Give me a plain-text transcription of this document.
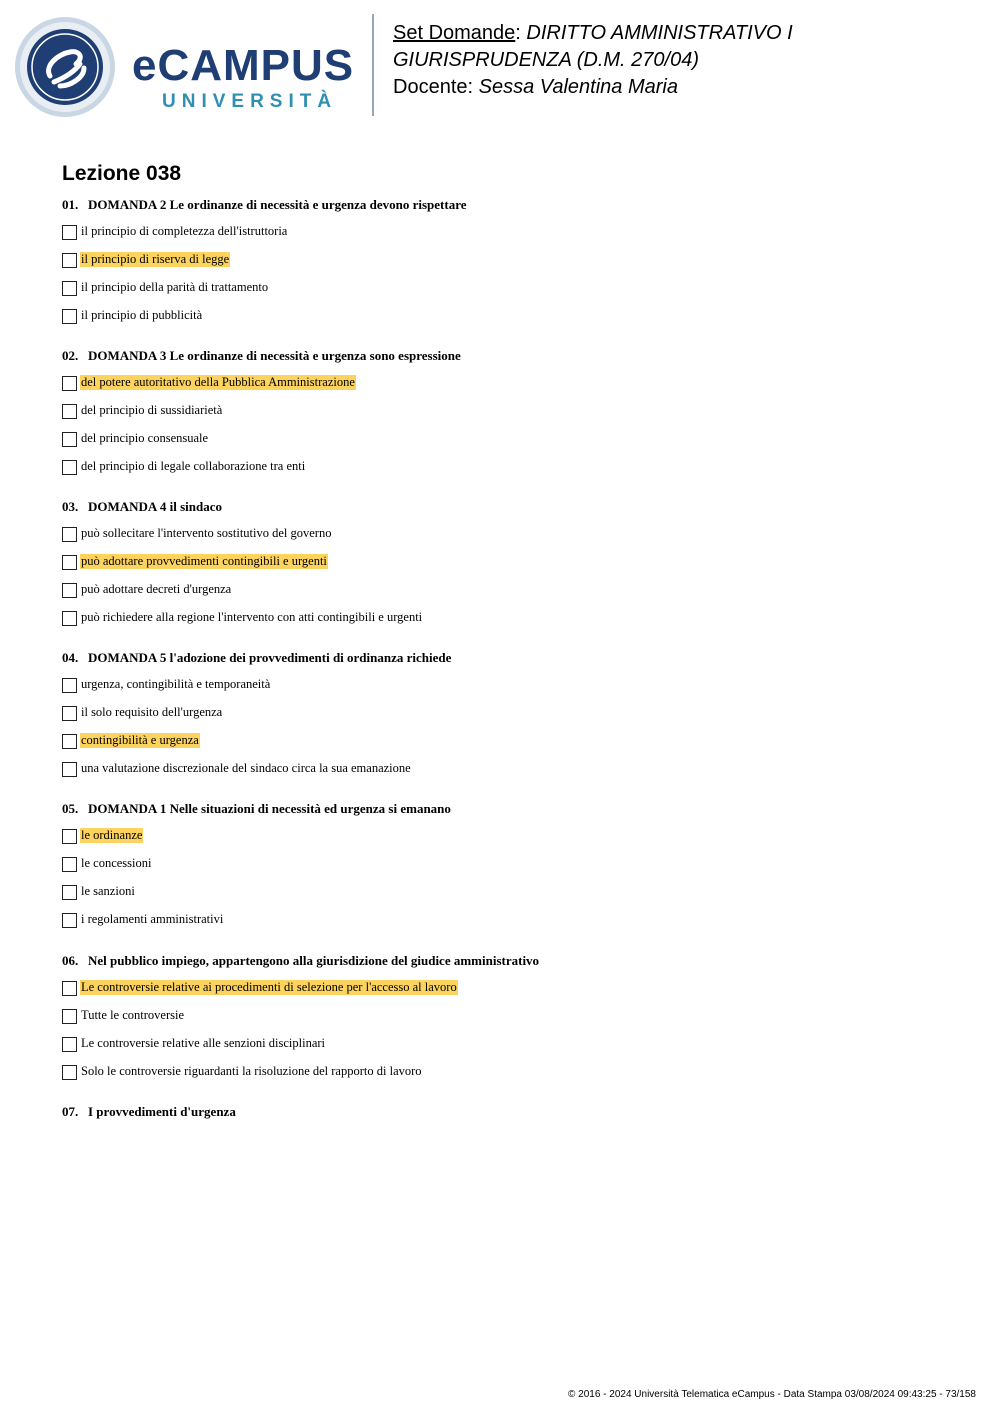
eCAMPUS
UNIVERSITÀ
Set Domande: DIRITTO AMMINISTRATIVO I
GIURISPRUDENZA (D.M. 270/04)
Docente: Sessa Valentina Maria
Lezione 038
01. DOMANDA 2 Le ordinanze di necessità e urgenza devono rispettare
il principio di completezza dell'istruttoria
il principio di riserva di legge
il principio della parità di trattamento
il principio di pubblicità
02. DOMANDA 3 Le ordinanze di necessità e urgenza sono espressione
del potere autoritativo della Pubblica Amministrazione
del principio di sussidiarietà
del principio consensuale
del principio di legale collaborazione tra enti
03. DOMANDA 4 il sindaco
può sollecitare l'intervento sostitutivo del governo
può adottare provvedimenti contingibili e urgenti
può adottare decreti d'urgenza
può richiedere alla regione l'intervento con atti contingibili e urgenti
04. DOMANDA 5 l'adozione dei provvedimenti di ordinanza richiede
urgenza, contingibilità e temporaneità
il solo requisito dell'urgenza
contingibilità e urgenza
una valutazione discrezionale del sindaco circa la sua emanazione
05. DOMANDA 1 Nelle situazioni di necessità ed urgenza si emanano
le ordinanze
le concessioni
le sanzioni
i regolamenti amministrativi
06. Nel pubblico impiego, appartengono alla giurisdizione del giudice amministrativo
Le controversie relative ai procedimenti di selezione per l'accesso al lavoro
Tutte le controversie
Le controversie relative alle senzioni disciplinari
Solo le controversie riguardanti la risoluzione del rapporto di lavoro
07. I provvedimenti d'urgenza
© 2016 - 2024 Università Telematica eCampus - Data Stampa 03/08/2024 09:43:25 - 73/158
